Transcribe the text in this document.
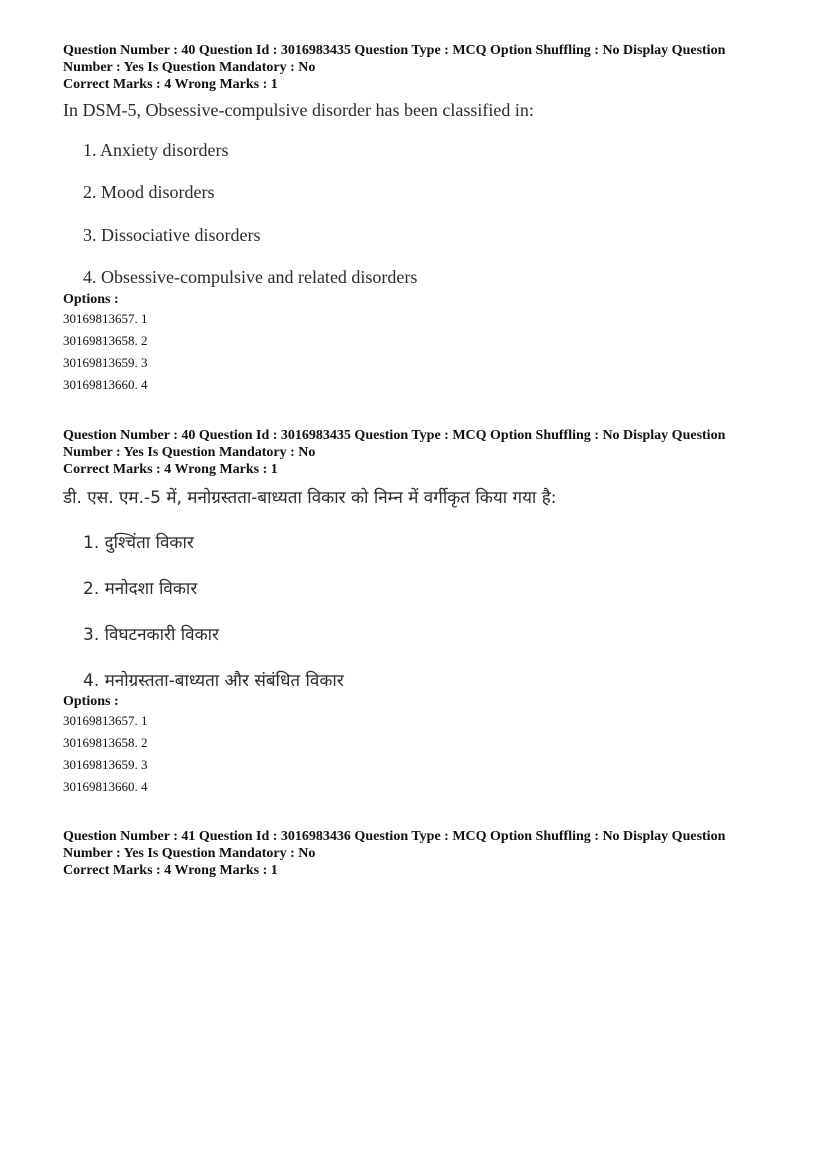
Question Number : 40 Question Id : 3016983435 Question Type : MCQ Option Shuffling : No Display Question
Number : Yes Is Question Mandatory : No
Correct Marks : 4 Wrong Marks : 1
In DSM-5, Obsessive-compulsive disorder has been classified in:
1. Anxiety disorders
2. Mood disorders
3. Dissociative disorders
4. Obsessive-compulsive and related disorders
Options :
30169813657. 1
30169813658. 2
30169813659. 3
30169813660. 4
Question Number : 40 Question Id : 3016983435 Question Type : MCQ Option Shuffling : No Display Question
Number : Yes Is Question Mandatory : No
Correct Marks : 4 Wrong Marks : 1
डी. एस. एम.-5 में, मनोग्रस्तता-बाध्यता विकार को निम्न में वर्गीकृत किया गया है:
1. दुश्चिंता विकार
2. मनोदशा विकार
3. विघटनकारी विकार
4. मनोग्रस्तता-बाध्यता और संबंधित विकार
Options :
30169813657. 1
30169813658. 2
30169813659. 3
30169813660. 4
Question Number : 41 Question Id : 3016983436 Question Type : MCQ Option Shuffling : No Display Question
Number : Yes Is Question Mandatory : No
Correct Marks : 4 Wrong Marks : 1
